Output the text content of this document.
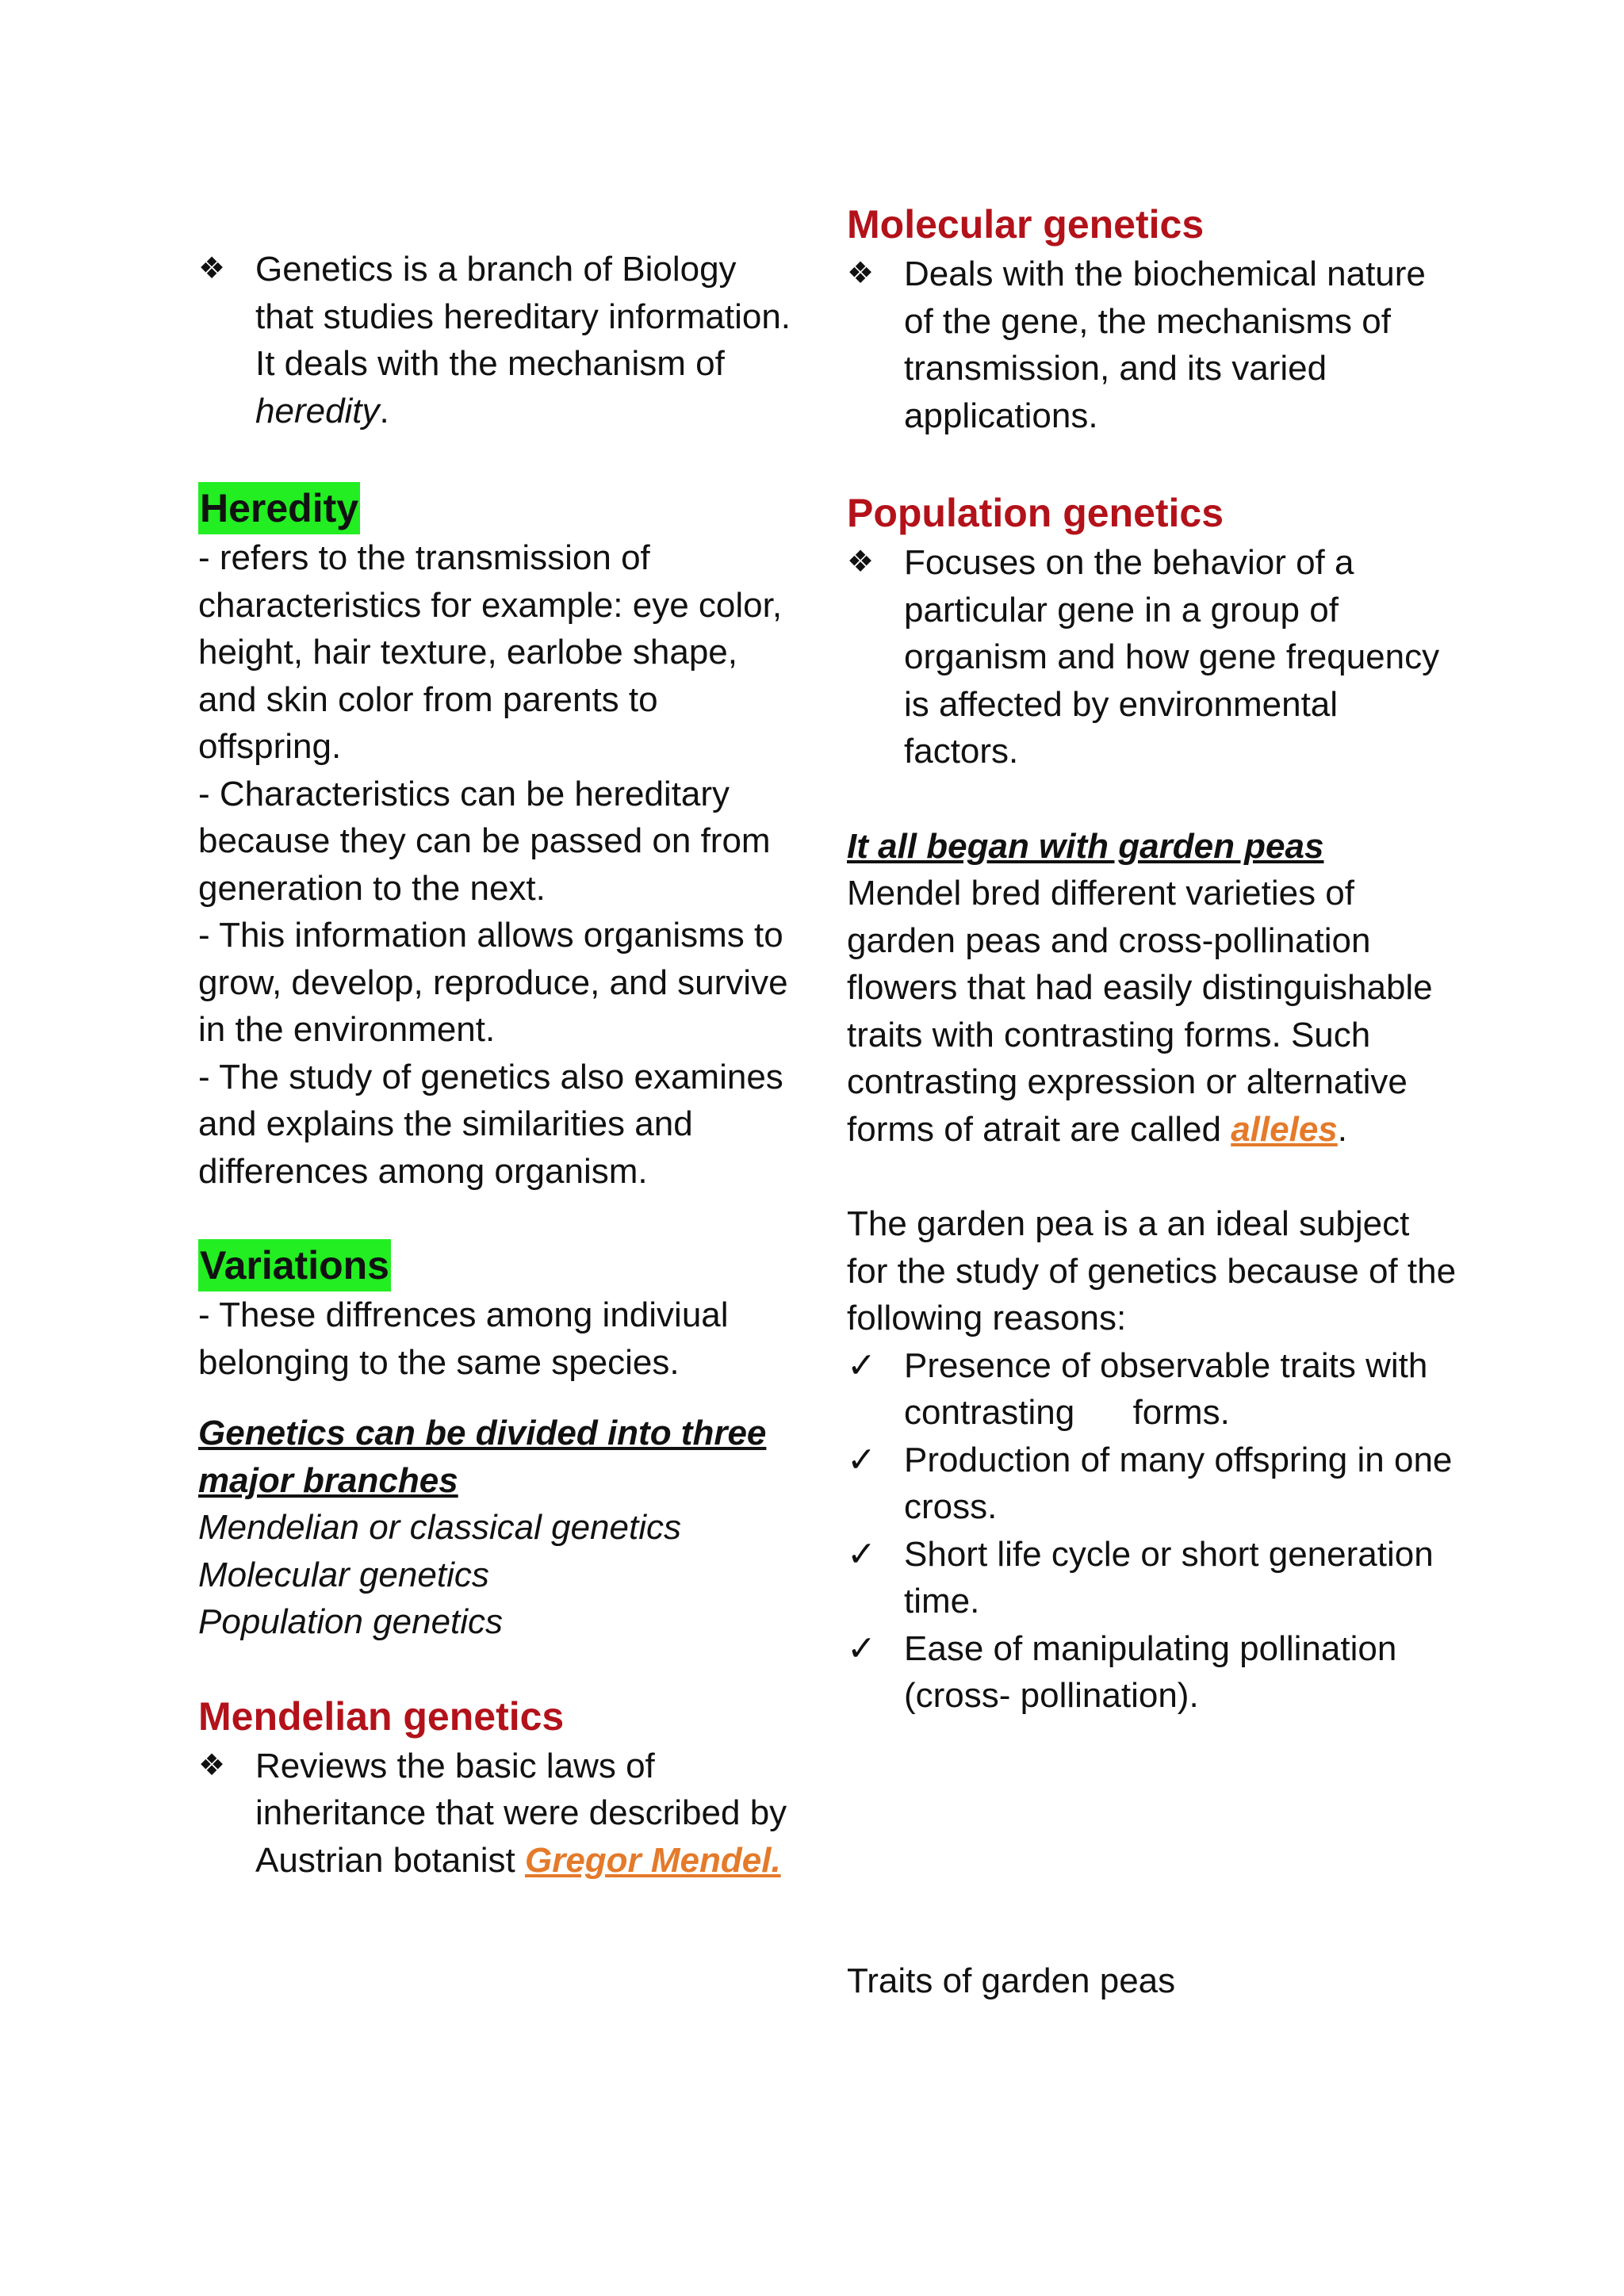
❖ Genetics is a branch of Biology that studies hereditary information. It deals with the mechanism of heredity.

Heredity

- refers to the transmission of characteristics for example: eye color, height, hair texture, earlobe shape, and skin color from parents to offspring.

- Characteristics can be hereditary because they can be passed on from generation to the next.

- This information allows organisms to grow, develop, reproduce, and survive in the environment.

- The study of genetics also examines and explains the similarities and differences among organism.

Variations

- These diffrences among indiviual belonging to the same species.

Genetics can be divided into three major branches

Mendelian or classical genetics

Molecular genetics

Population genetics

Mendelian genetics

❖ Reviews the basic laws of inheritance that were described by Austrian botanist Gregor Mendel.

Molecular genetics

❖ Deals with the biochemical nature of the gene, the mechanisms of transmission, and its varied applications.

Population genetics

❖ Focuses on the behavior of a particular gene in a group of organism and how gene frequency is affected by environmental factors.

It all began with garden peas

Mendel bred different varieties of garden peas and cross-pollination flowers that had easily distinguishable traits with contrasting forms. Such contrasting expression or alternative forms of atrait are called alleles.

The garden pea is a an ideal subject for the study of genetics because of the following reasons:

✓ Presence of observable traits with contrasting      forms.

✓ Production of many offspring in one cross.

✓ Short life cycle or short generation time.

✓ Ease of manipulating pollination (cross- pollination).

Traits of garden peas
